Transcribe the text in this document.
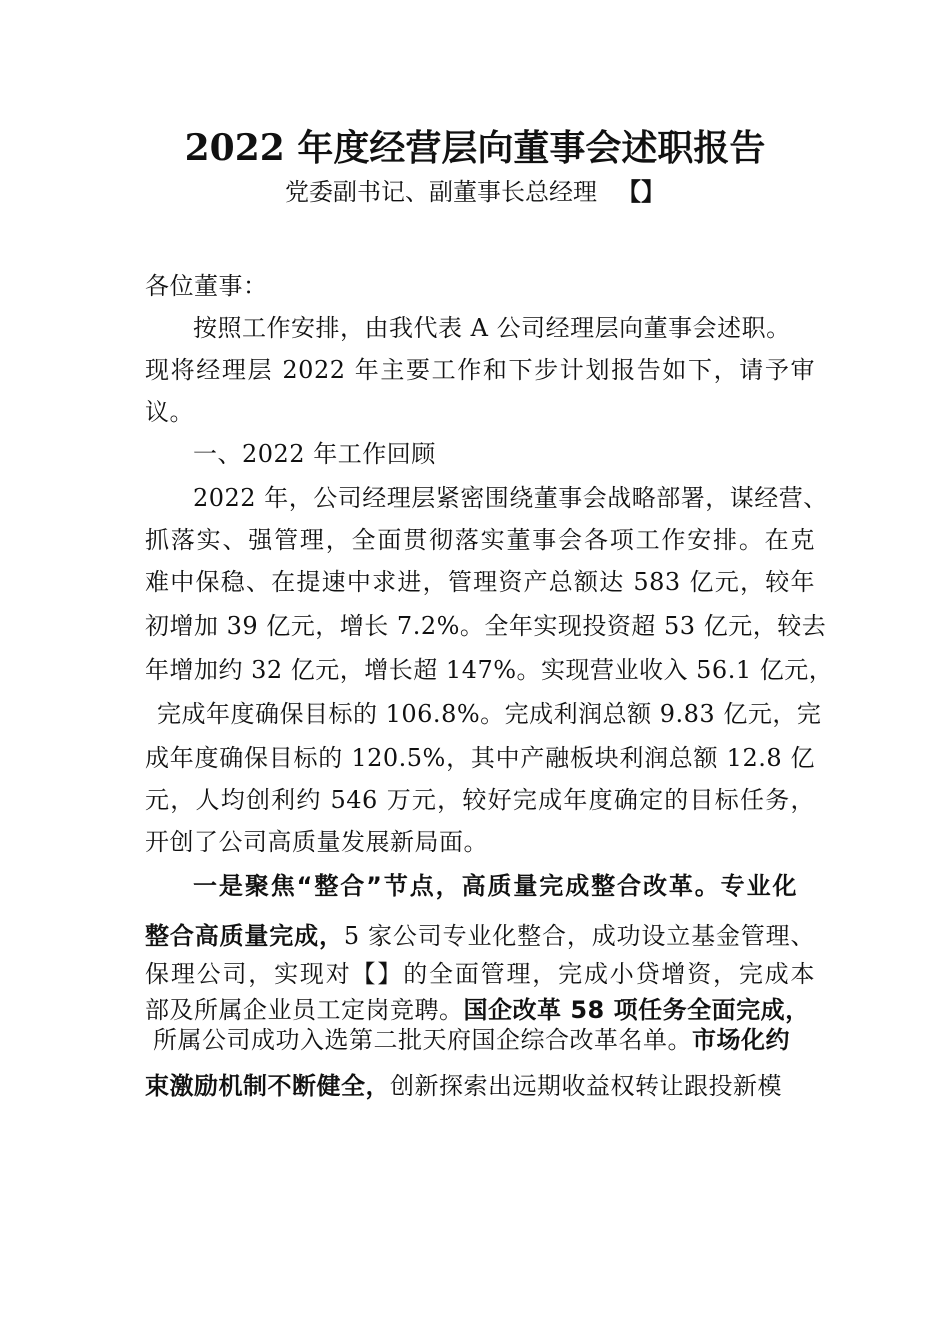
2022 年度经营层向董事会述职报告
党委副书记、副董事长总经理 【】
各位董事：
按照工作安排，由我代表 A 公司经理层向董事会述职。
现将经理层 2022 年主要工作和下步计划报告如下，请予审
议。
一、2022 年工作回顾
2022 年，公司经理层紧密围绕董事会战略部署，谋经营、
抓落实、强管理，全面贯彻落实董事会各项工作安排。在克
难中保稳、在提速中求进，管理资产总额达 583 亿元，较年
初增加 39 亿元，增长 7.2%。全年实现投资超 53 亿元，较去
年增加约 32 亿元，增长超 147%。实现营业收入 56.1 亿元，
完成年度确保目标的 106.8%。完成利润总额 9.83 亿元，完
成年度确保目标的 120.5%，其中产融板块利润总额 12.8 亿
元，人均创利约 546 万元，较好完成年度确定的目标任务，
开创了公司高质量发展新局面。
一是聚焦“整合”节点，高质量完成整合改革。专业化
整合高质量完成，5 家公司专业化整合，成功设立基金管理、
保理公司，实现对【】的全面管理，完成小贷增资，完成本
部及所属企业员工定岗竞聘。国企改革 58 项任务全面完成，
所属公司成功入选第二批天府国企综合改革名单。市场化约
束激励机制不断健全，创新探索出远期收益权转让跟投新模
